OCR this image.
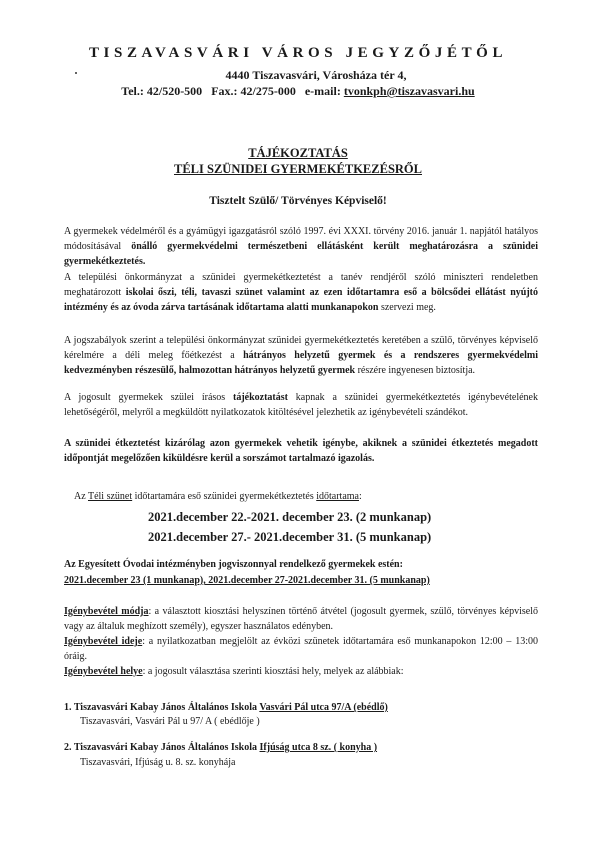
TISZAVASVÁRI VÁROS JEGYZŐJÉTŐL
4440 Tiszavasvári, Városháza tér 4,
Tel.: 42/520-500 Fax.: 42/275-000 e-mail: tvonkph@tiszavasvari.hu
TÁJÉKOZTATÁS
TÉLI SZÜNIDEI GYERMEKÉTKEZÉSRŐL
Tisztelt Szülő/ Törvényes Képviselő!
A gyermekek védelméről és a gyámügyi igazgatásról szóló 1997. évi XXXI. törvény 2016. január 1. napjától hatályos módosításával önálló gyermekvédelmi természetbeni ellátásként került meghatározásra a szünidei gyermekétkeztetés.
A települési önkormányzat a szünidei gyermekétkeztetést a tanév rendjéről szóló miniszteri rendeletben meghatározott iskolai őszi, téli, tavaszi szünet valamint az ezen időtartamra eső a bölcsődei ellátást nyújtó intézmény és az óvoda zárva tartásának időtartama alatti munkanapokon szervezi meg.
A jogszabályok szerint a települési önkormányzat szünidei gyermekétkeztetés keretében a szülő, törvényes képviselő kérelmére a déli meleg főétkezést a hátrányos helyzetű gyermek és a rendszeres gyermekvédelmi kedvezményben részesülő, halmozottan hátrányos helyzetű gyermek részére ingyenesen biztosítja.
A jogosult gyermekek szülei írásos tájékoztatást kapnak a szünidei gyermekétkeztetés igénybevételének lehetőségéről, melyről a megküldött nyilatkozatok kitöltésével jelezhetik az igénybevételi szándékot.
A szünidei étkeztetést kizárólag azon gyermekek vehetik igénybe, akiknek a szünidei étkeztetés megadott időpontját megelőzően kiküldésre kerül a sorszámot tartalmazó igazolás.
Az Téli szünet időtartamára eső szünidei gyermekétkeztetés időtartama:
2021.december 22.-2021. december 23. (2 munkanap)
2021.december 27.- 2021.december 31. (5 munkanap)
Az Egyesített Óvodai intézményben jogviszonnyal rendelkező gyermekek estén:
2021.december 23 (1 munkanap), 2021.december 27-2021.december 31. (5 munkanap)
Igénybevétel módja: a választott kiosztási helyszínen történő átvétel (jogosult gyermek, szülő, törvényes képviselő vagy az általuk meghízott személy), egyszer használatos edényben.
Igénybevétel ideje: a nyilatkozatban megjelölt az évközi szünetek időtartamára eső munkanapokon 12:00 – 13:00 óráig.
Igénybevétel helye: a jogosult választása szerinti kiosztási hely, melyek az alábbiak:
1. Tiszavasvári Kabay János Általános Iskola Vasvári Pál utca 97/A (ebédlő)
Tiszavasvári, Vasvári Pál u 97/ A ( ebédlője )
2. Tiszavasvári Kabay János Általános Iskola Ifjúság utca 8 sz. ( konyha )
Tiszavasvári, Ifjúság u. 8. sz. konyhája
